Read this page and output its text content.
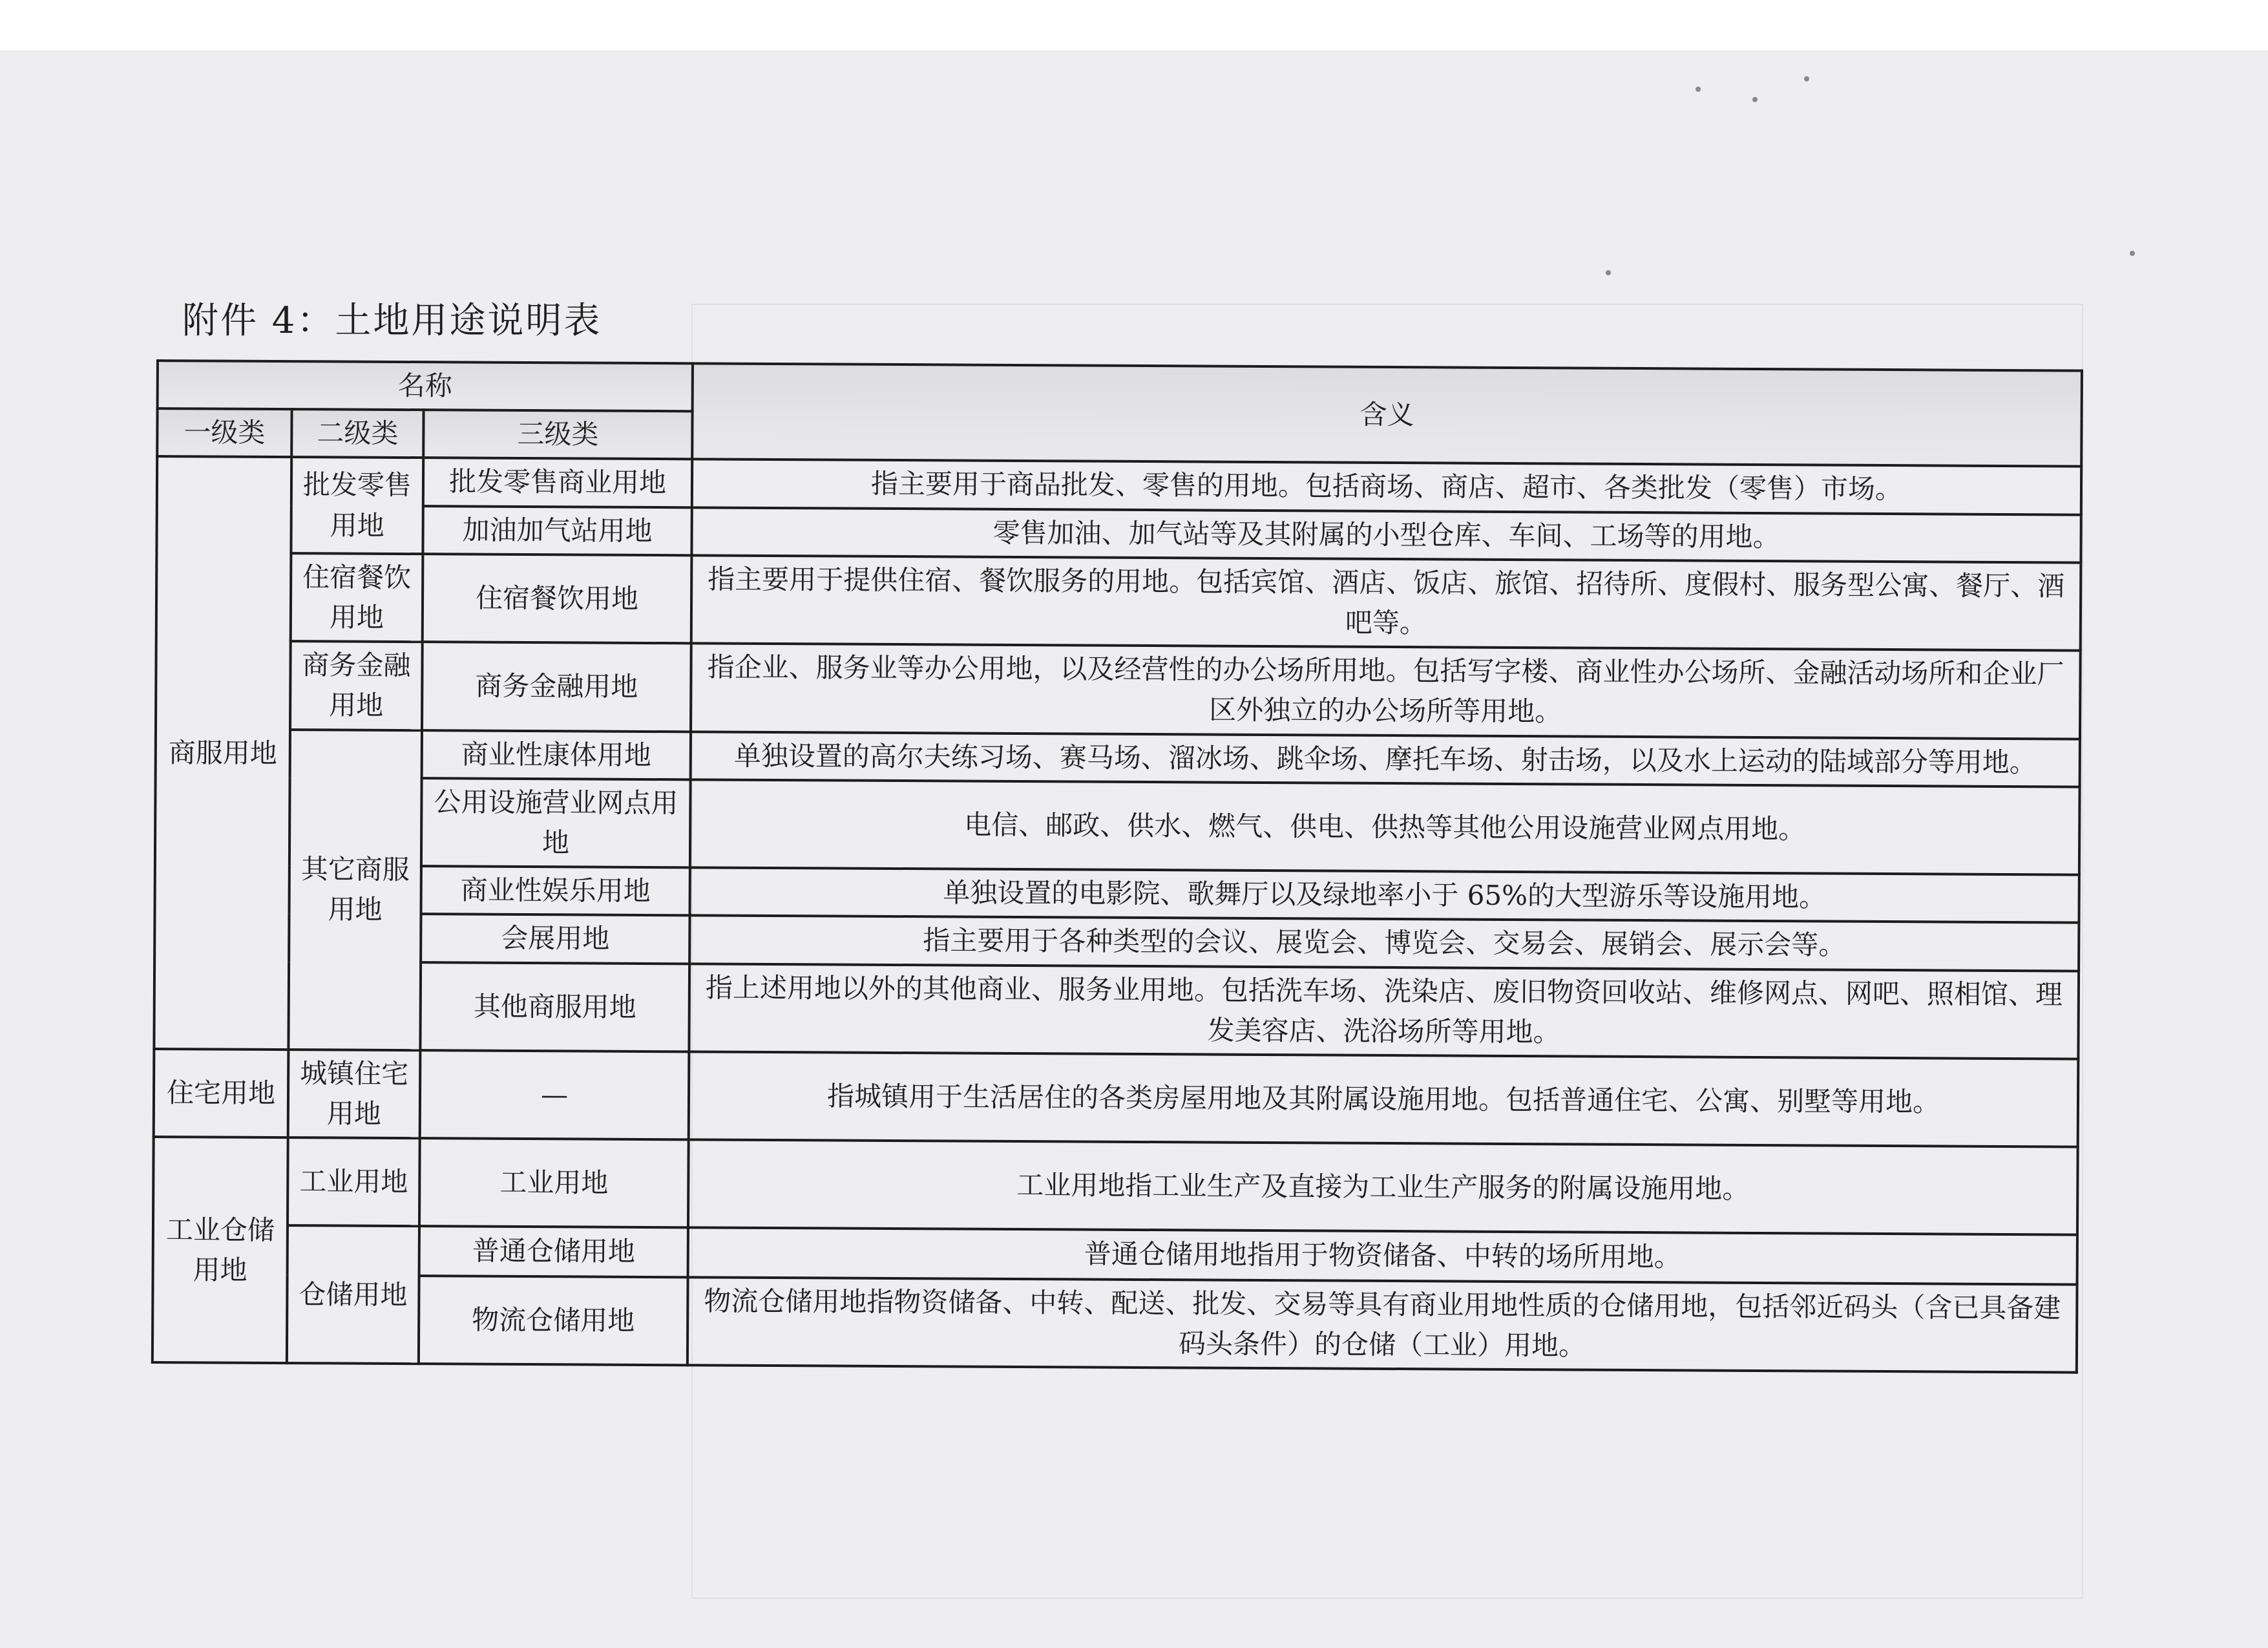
附件 4：土地用途说明表
名称			含义
一级类	二级类	三级类	
商服用地	批发零售用地	批发零售商业用地	指主要用于商品批发、零售的用地。包括商场、商店、超市、各类批发（零售）市场。
		加油加气站用地	零售加油、加气站等及其附属的小型仓库、车间、工场等的用地。
	住宿餐饮用地	住宿餐饮用地	指主要用于提供住宿、餐饮服务的用地。包括宾馆、酒店、饭店、旅馆、招待所、度假村、服务型公寓、餐厅、酒吧等。
	商务金融用地	商务金融用地	指企业、服务业等办公用地，以及经营性的办公场所用地。包括写字楼、商业性办公场所、金融活动场所和企业厂区外独立的办公场所等用地。
	其它商服用地	商业性康体用地	单独设置的高尔夫练习场、赛马场、溜冰场、跳伞场、摩托车场、射击场，以及水上运动的陆域部分等用地。
		公用设施营业网点用地	电信、邮政、供水、燃气、供电、供热等其他公用设施营业网点用地。
		商业性娱乐用地	单独设置的电影院、歌舞厅以及绿地率小于 65%的大型游乐等设施用地。
		会展用地	指主要用于各种类型的会议、展览会、博览会、交易会、展销会、展示会等。
		其他商服用地	指上述用地以外的其他商业、服务业用地。包括洗车场、洗染店、废旧物资回收站、维修网点、网吧、照相馆、理发美容店、洗浴场所等用地。
住宅用地	城镇住宅用地	—	指城镇用于生活居住的各类房屋用地及其附属设施用地。包括普通住宅、公寓、别墅等用地。
工业仓储用地	工业用地	工业用地	工业用地指工业生产及直接为工业生产服务的附属设施用地。
	仓储用地	普通仓储用地	普通仓储用地指用于物资储备、中转的场所用地。
		物流仓储用地	物流仓储用地指物资储备、中转、配送、批发、交易等具有商业用地性质的仓储用地，包括邻近码头（含已具备建码头条件）的仓储（工业）用地。
